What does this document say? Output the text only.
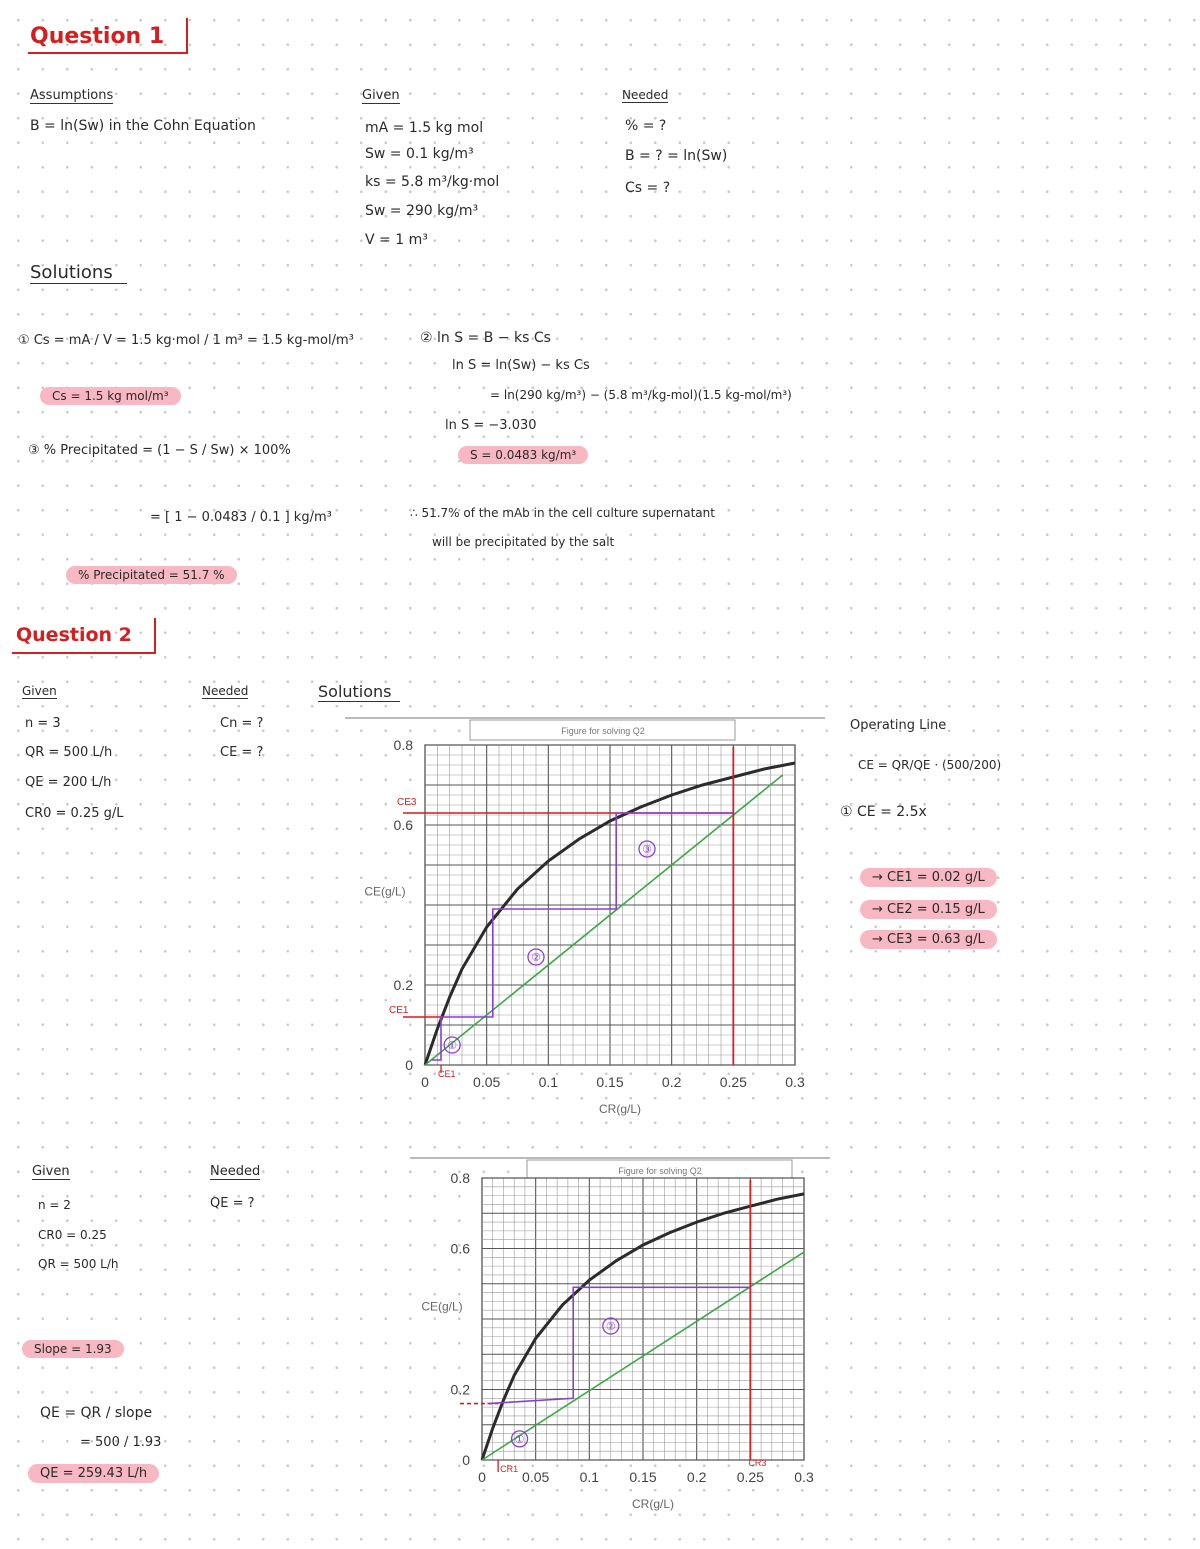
Question 1
Assumptions
B = ln(Sw) in the Cohn Equation
Given
mA = 1.5 kg mol
Sw = 0.1 kg/m³
ks = 5.8 m³/kg·mol
Sw = 290 kg/m³
V = 1 m³
Needed
% = ?
B = ? = ln(Sw)
Cs = ?
Solutions
① Cs = mA / V = 1.5 kg·mol / 1 m³ = 1.5 kg-mol/m³
Cs = 1.5 kg mol/m³
② ln S = B − ks Cs
ln S = ln(Sw) − ks Cs
= ln(290 kg/m³) − (5.8 m³/kg-mol)(1.5 kg-mol/m³)
ln S = −3.030
S = 0.0483 kg/m³
③ % Precipitated = (1 − S / Sw) × 100%
= [ 1 − 0.0483 / 0.1 ] kg/m³
% Precipitated = 51.7 %
∴ 51.7% of the mAb in the cell culture supernatant
will be precipitated by the salt
Question 2
Given
n = 3
QR = 500 L/h
QE = 200 L/h
CR0 = 0.25 g/L
Needed
Cn = ?
CE = ?
Solutions
Operating Line
CE = QR/QE · (500/200)
① CE = 2.5x
→ CE1 = 0.02 g/L
→ CE2 = 0.15 g/L
→ CE3 = 0.63 g/L
Figure for solving Q2
0	0.05	0.1	0.15	0.2	0.25	0.3
0
0.2
0.6
0.8
CR(g/L)
CE(g/L)
①
②
③
CE3
CE1
CE1
Given
n = 2
CR0 = 0.25
QR = 500 L/h
Needed
QE = ?
Slope = 1.93
QE = QR / slope
= 500 / 1.93
QE = 259.43 L/h
Figure for solving Q2
0	0.05 0.1 0.15 0.2 0.25 0.3
0
0.2
0.6
0.8
CR(g/L)
CE(g/L)
①
②
CR1
CR3
